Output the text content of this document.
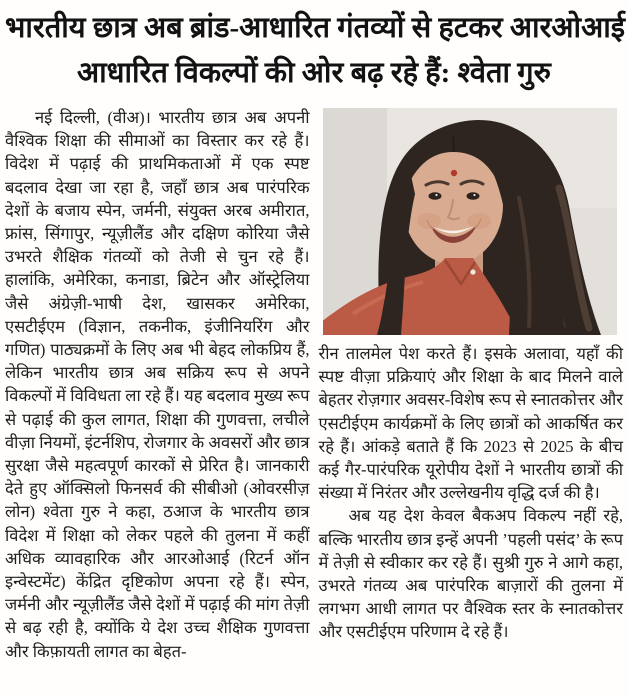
भारतीय छात्र अब ब्रांड-आधारित गंतव्यों से हटकर आरओआई
आधारित विकल्पों की ओर बढ़ रहे हैं: श्वेता गुरु

नई दिल्ली, (वीअ)। भारतीय छात्र अब अपनी वैश्विक शिक्षा की सीमाओं का विस्तार कर रहे हैं। विदेश में पढ़ाई की प्राथमिकताओं में एक स्पष्ट बदलाव देखा जा रहा है, जहाँ छात्र अब पारंपरिक देशों के बजाय स्पेन, जर्मनी, संयुक्त अरब अमीरात, फ्रांस, सिंगापुर, न्यूज़ीलैंड और दक्षिण कोरिया जैसे उभरते शैक्षिक गंतव्यों को तेजी से चुन रहे हैं। हालांकि, अमेरिका, कनाडा, ब्रिटेन और ऑस्ट्रेलिया जैसे अंग्रेज़ी-भाषी देश, खासकर अमेरिका, एसटीईएम (विज्ञान, तकनीक, इंजीनियरिंग और गणित) पाठ्यक्रमों के लिए अब भी बेहद लोकप्रिय हैं, लेकिन भारतीय छात्र अब सक्रिय रूप से अपने विकल्पों में विविधता ला रहे हैं। यह बदलाव मुख्य रूप से पढ़ाई की कुल लागत, शिक्षा की गुणवत्ता, लचीले वीज़ा नियमों, इंटर्नशिप, रोजगार के अवसरों और छात्र सुरक्षा जैसे महत्वपूर्ण कारकों से प्रेरित है। जानकारी देते हुए ऑक्सिलो फिनसर्व की सीबीओ (ओवरसीज़ लोन) श्वेता गुरु ने कहा, ठआज के भारतीय छात्र विदेश में शिक्षा को लेकर पहले की तुलना में कहीं अधिक व्यावहारिक और आरओआई (रिटर्न ऑन इन्वेस्टमेंट) केंद्रित दृष्टिकोण अपना रहे हैं। स्पेन, जर्मनी और न्यूज़ीलैंड जैसे देशों में पढ़ाई की मांग तेज़ी से बढ़ रही है, क्योंकि ये देश उच्च शैक्षिक गुणवत्ता और किफ़ायती लागत का बेहत-

रीन तालमेल पेश करते हैं। इसके अलावा, यहाँ की स्पष्ट वीज़ा प्रक्रियाएं और शिक्षा के बाद मिलने वाले बेहतर रोज़गार अवसर-विशेष रूप से स्नातकोत्तर और एसटीईएम कार्यक्रमों के लिए छात्रों को आकर्षित कर रहे हैं। आंकड़े बताते हैं कि 2023 से 2025 के बीच कई गैर-पारंपरिक यूरोपीय देशों ने भारतीय छात्रों की संख्या में निरंतर और उल्लेखनीय वृद्धि दर्ज की है।

अब यह देश केवल बैकअप विकल्प नहीं रहे, बल्कि भारतीय छात्र इन्हें अपनी ’पहली पसंद’ के रूप में तेज़ी से स्वीकार कर रहे हैं। सुश्री गुरु ने आगे कहा, उभरते गंतव्य अब पारंपरिक बाज़ारों की तुलना में लगभग आधी लागत पर वैश्विक स्तर के स्नातकोत्तर और एसटीईएम परिणाम दे रहे हैं।
